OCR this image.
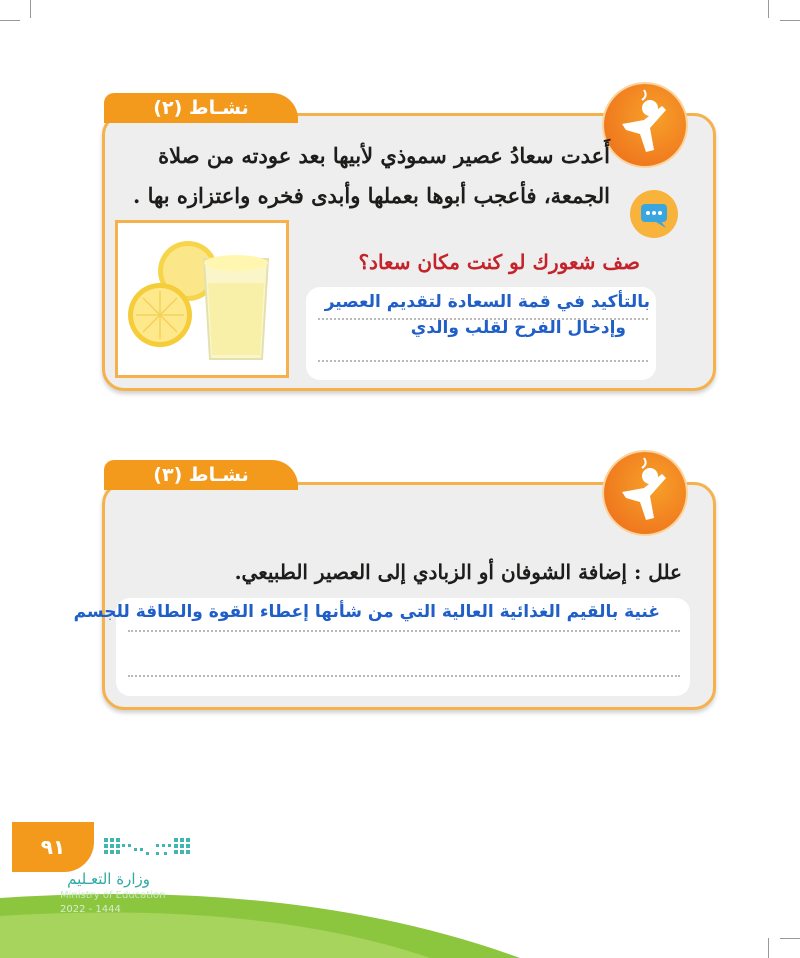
نشـاط (٢)
أَعدت سعادُ عصير سموذي لأبيها بعد عودته من صلاة
الجمعة، فأعجب أبوها بعملها وأبدى فخره واعتزازه بها .
صف شعورك لو كنت مكان سعاد؟
بالتأكيد في قمة السعادة لتقديم العصير
وإدخال الفرح لقلب والدي
نشـاط (٣)
علل : إضافة الشوفان أو الزبادي إلى العصير الطبيعي.
غنية بالقيم الغذائية العالية التي من شأنها إعطاء القوة والطاقة للجسم
٩١
وزارة التعـليم
Ministry of Education
2022 - 1444
